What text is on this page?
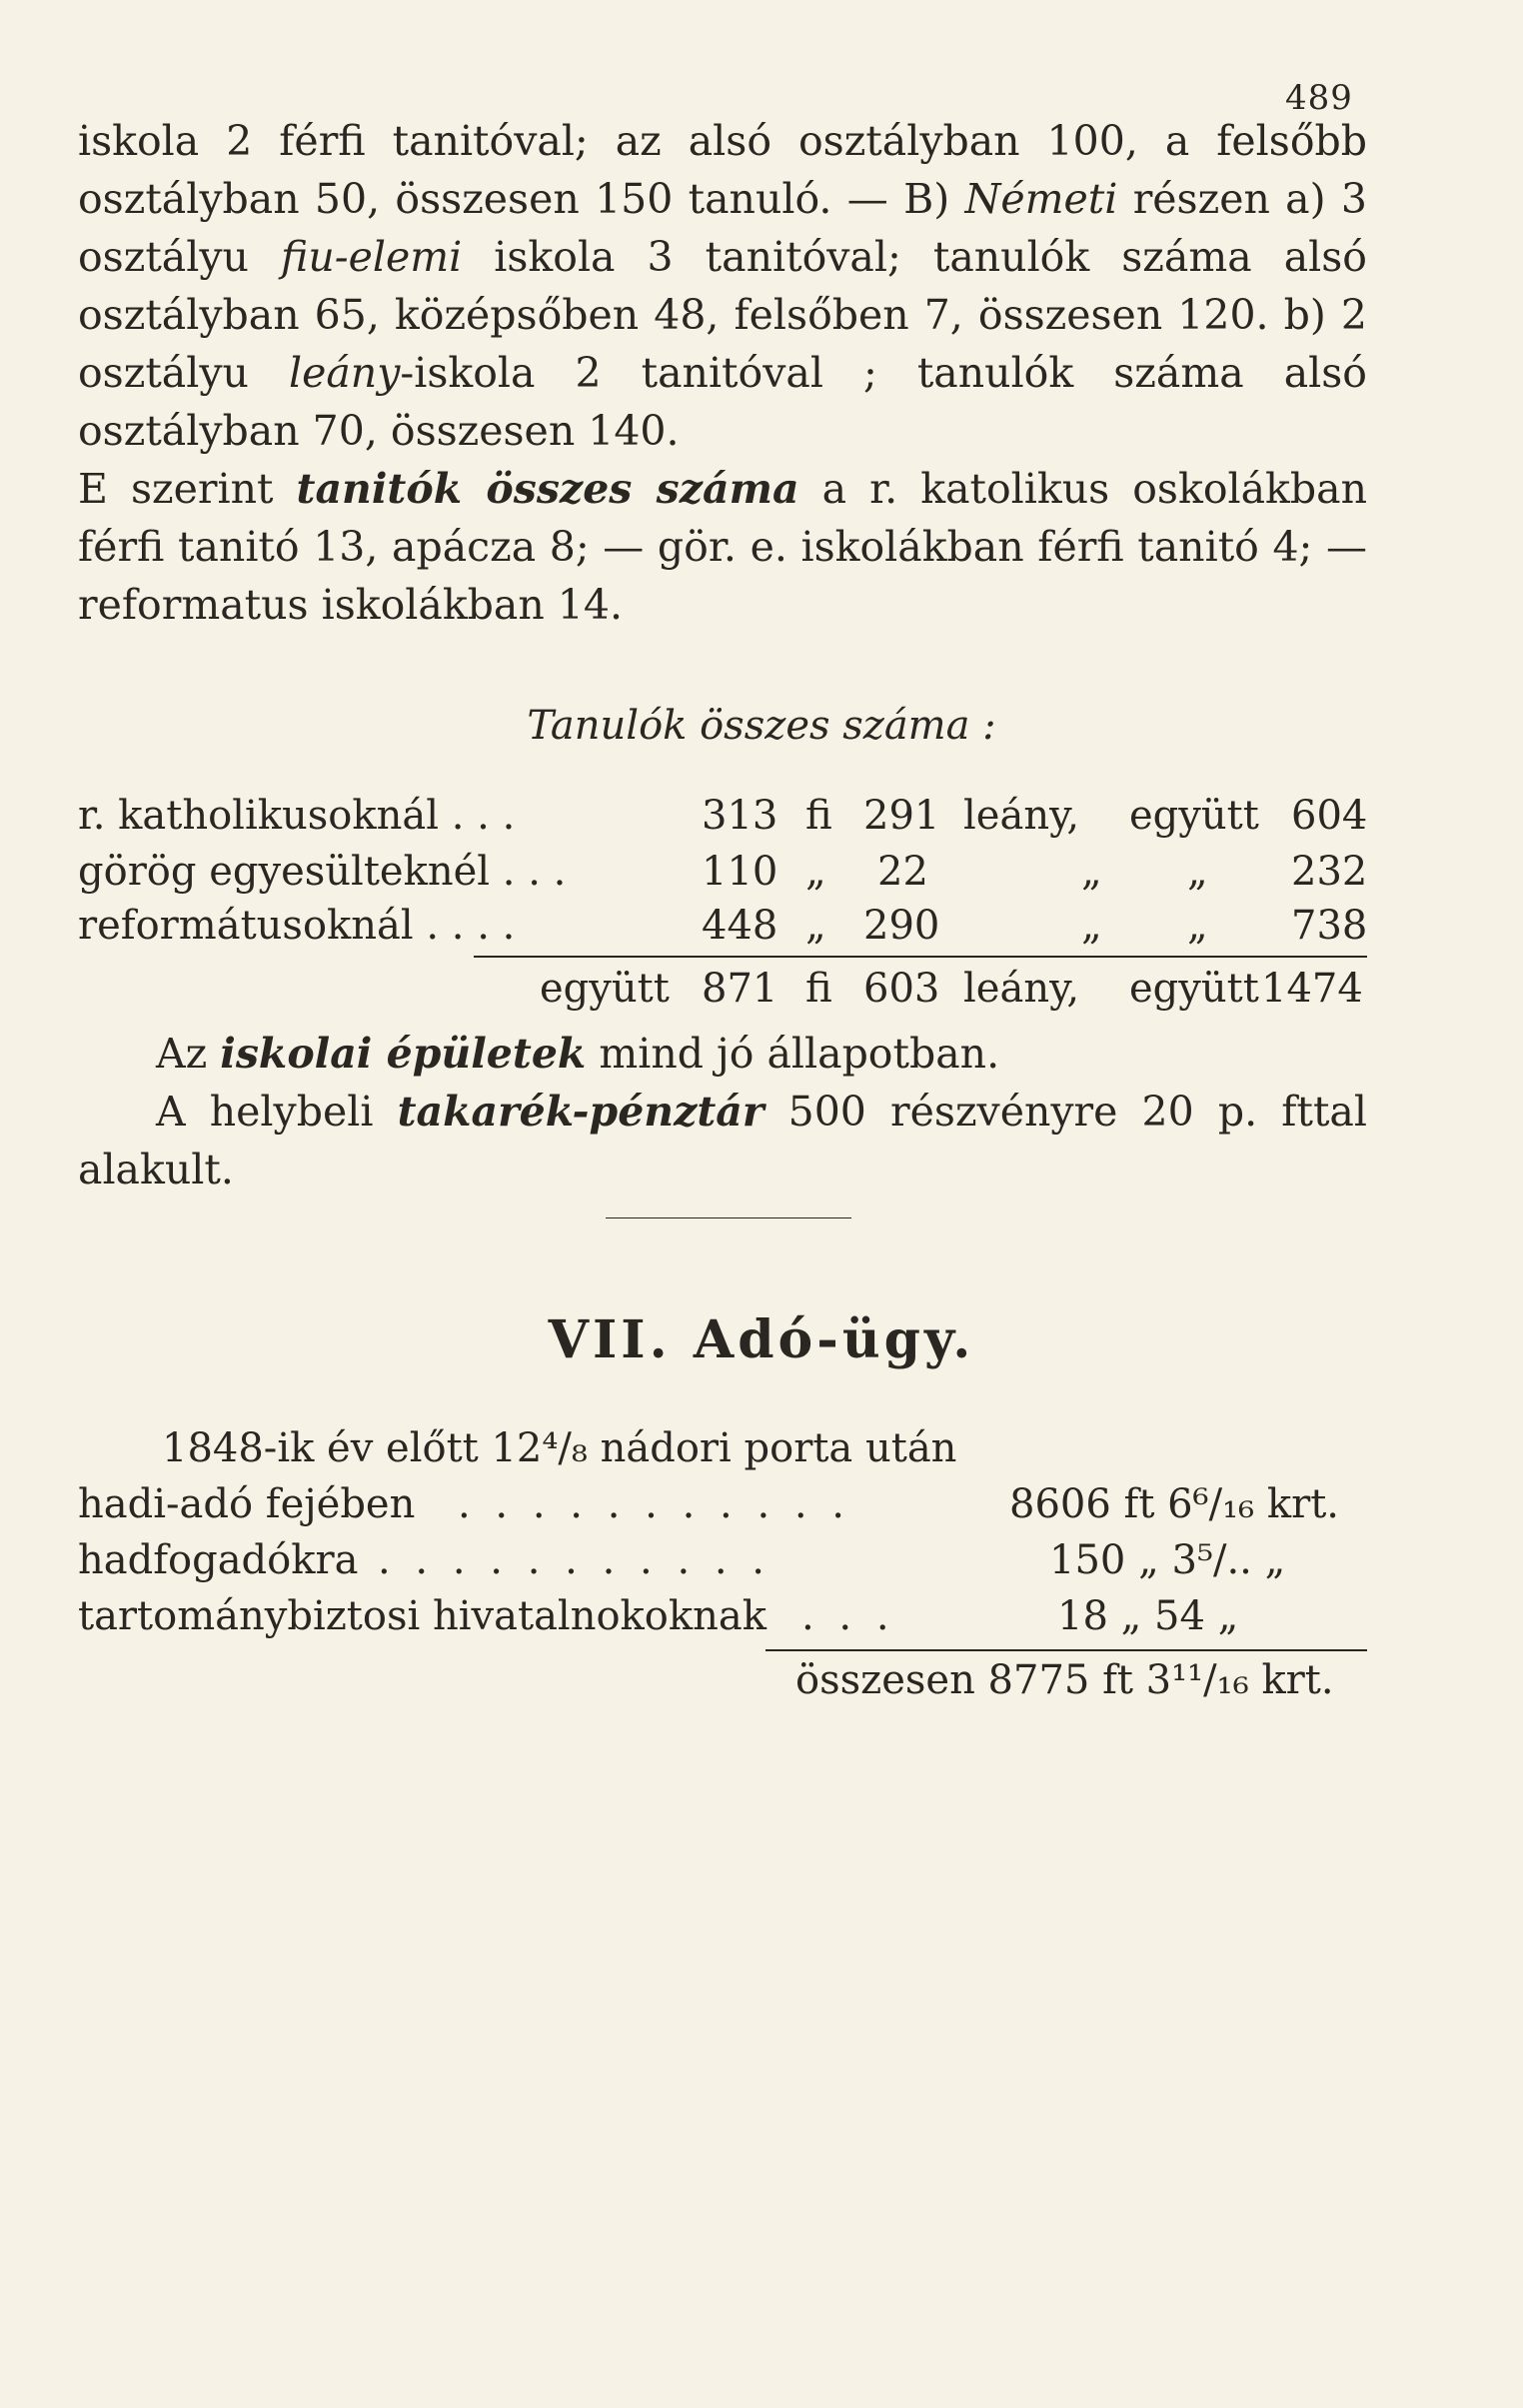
489

iskola 2 férfi tanitóval; az alsó osztályban 100, a felsőbb osztályban 50, összesen 150 tanuló. — B) Németi részen a) 3 osztályu fiu-elemi iskola 3 tanitóval; tanulók száma alsó osztályban 65, középsőben 48, felsőben 7, összesen 120. b) 2 osztályu leány-iskola 2 tanitóval ; tanulók száma alsó osztályban 70, összesen 140.

E szerint tanitók összes száma a r. katolikus oskolákban férfi tanitó 13, apácza 8; — gör. e. iskolákban férfi tanitó 4; — reformatus iskolákban 14.

Tanulók összes száma :
r. katholikusoknál . . .	313 fi 291 leány, együtt 604
görög egyesülteknél . . .	110 „ 22	„ „ 232
reformátusoknál . . . .	448 „ 290	„ „ 738
együtt 871 fi 603 leány, együtt 1474

Az iskolai épületek mind jó állapotban.

A helybeli takarék-pénztár 500 részvényre 20 p. fttal alakult.

VII. Adó-ügy.
1848-ik év előtt 12⁴/₈ nádori porta után
hadi-adó fejében . . . . . . . . . . .	8606 ft 6⁶/₁₆ krt.
hadfogadókra . . . . . . . . . . .	150 „ 3⁵/.. „
tartománybiztosi hivatalnokoknak . . .	18 „ 54 „
összesen 8775 ft 3¹¹/₁₆ krt.
